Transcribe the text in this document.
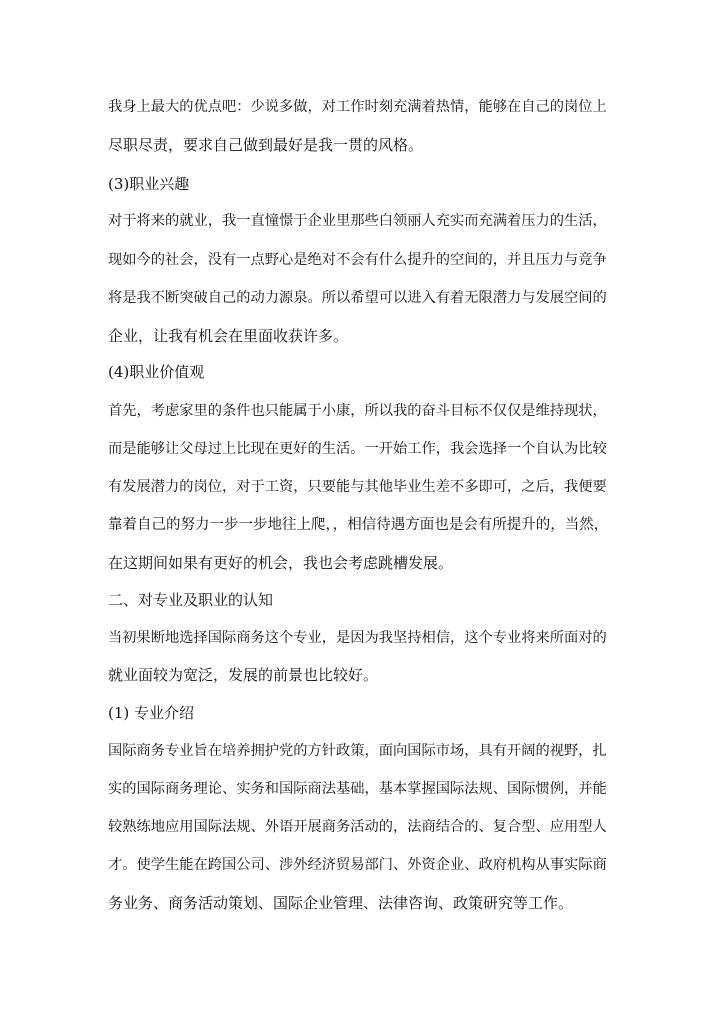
我身上最大的优点吧：少说多做，对工作时刻充满着热情，能够在自己的岗位上

尽职尽责，要求自己做到最好是我一贯的风格。

(3)职业兴趣

对于将来的就业，我一直憧憬于企业里那些白领丽人充实而充满着压力的生活，

现如今的社会，没有一点野心是绝对不会有什么提升的空间的，并且压力与竞争

将是我不断突破自己的动力源泉。所以希望可以进入有着无限潜力与发展空间的

企业，让我有机会在里面收获许多。

(4)职业价值观

首先，考虑家里的条件也只能属于小康，所以我的奋斗目标不仅仅是维持现状，

而是能够让父母过上比现在更好的生活。一开始工作，我会选择一个自认为比较

有发展潜力的岗位，对于工资，只要能与其他毕业生差不多即可，之后，我便要

靠着自己的努力一步一步地往上爬，，相信待遇方面也是会有所提升的，当然，

在这期间如果有更好的机会，我也会考虑跳槽发展。

二、对专业及职业的认知

当初果断地选择国际商务这个专业，是因为我坚持相信，这个专业将来所面对的

就业面较为宽泛，发展的前景也比较好。

(1) 专业介绍

国际商务专业旨在培养拥护党的方针政策，面向国际市场，具有开阔的视野，扎

实的国际商务理论、实务和国际商法基础，基本掌握国际法规、国际惯例，并能

较熟练地应用国际法规、外语开展商务活动的，法商结合的、复合型、应用型人

才。使学生能在跨国公司、涉外经济贸易部门、外资企业、政府机构从事实际商

务业务、商务活动策划、国际企业管理、法律咨询、政策研究等工作。
